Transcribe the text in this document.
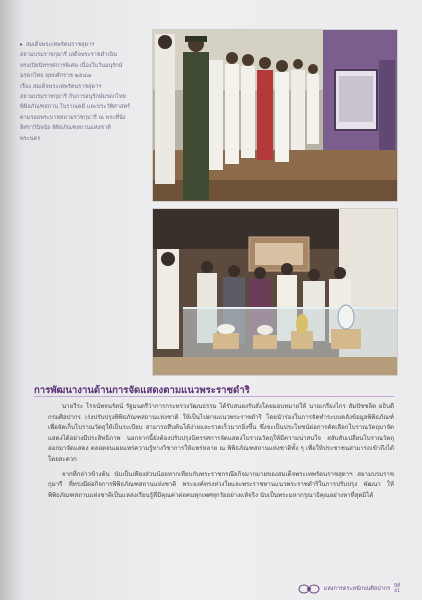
▸ สมเด็จพระเทพรัตนราชสุดาฯ
สยามบรมราชกุมารี เสด็จพระราชดำเนิน
ทรงเปิดนิทรรศการพิเศษ เนื่องในวันอนุรักษ์
มรดกไทย พุทธศักราช ๒๕๔๗
เรื่อง สมเด็จพระเทพรัตนราชสุดาฯ
สยามบรมราชกุมารี กับการอนุรักษ์มรดกไทย
พิพิธภัณฑสถาน โบราณคดี และประวัติศาสตร์
ตามรอยพระบาทสยามราชกุมารี ณ พระที่นั่ง
อิศราวินิจฉัย พิพิธภัณฑสถานแห่งชาติ
พระนคร
การพัฒนางานด้านการจัดแสดงตามแนวพระราชดำริ

นายวีระ โรจน์พจนรัตน์ รัฐมนตรีว่าการกระทรวงวัฒนธรรม ได้รับสนองรับสั่งโดยมอบหมายให้ นายเกรียงไกร สัมปัชชลิต อธิบดีกรมศิลปากร เร่งปรับปรุงพิพิธภัณฑสถานแห่งชาติ ให้เป็นไปตามแนวพระราชดำริ โดยนำร่องในการจัดทำระบบคลังข้อมูลพิพิธภัณฑ์ เพื่อจัดเก็บโบราณวัตถุให้เป็นระเบียบ สามารถสืบค้นได้ง่ายและรวดเร็วมากยิ่งขึ้น ซึ่งจะเป็นประโยชน์ต่อการคัดเลือกโบราณวัตถุมาจัดแสดงได้อย่างมีประสิทธิภาพ นอกจากนี้ยังต้องปรับปรุงนิทรรศการจัดแสดงโบราณวัตถุให้มีความน่าสนใจ สลับสับเปลี่ยนโบราณวัตถุออกมาจัดแสดง ตลอดจนเผยแพร่ความรู้ทางวิชาการให้แพร่หลาย ณ พิพิธภัณฑสถานแห่งชาติทั้ง ๆ เพื่อให้ประชาชนสามารถเข้าถึงได้โดยสะดวก

จากที่กล่าวข้างต้น นับเป็นเพียงส่วนน้อยหากเทียบกับพระราชกรณียกิจมากมายของสมเด็จพระเทพรัตนราชสุดาฯ สยามบรมราชกุมารี ที่ทรงมีต่อกิจการพิพิธภัณฑสถานแห่งชาติ พระองค์ทรงห่วงใยและพระราชทานแนวพระราชดำริในการปรับปรุง พัฒนา ให้พิพิธภัณฑสถานแห่งชาติเป็นแหล่งเรียนรู้ที่มีคุณค่าต่อคนทุกเพศทุกวัยอย่างแท้จริง นับเป็นพระมหากรุณาธิคุณอย่างหาที่สุดมิได้

แห่งการตระหนักบนศิลปากร ปีที่
41
